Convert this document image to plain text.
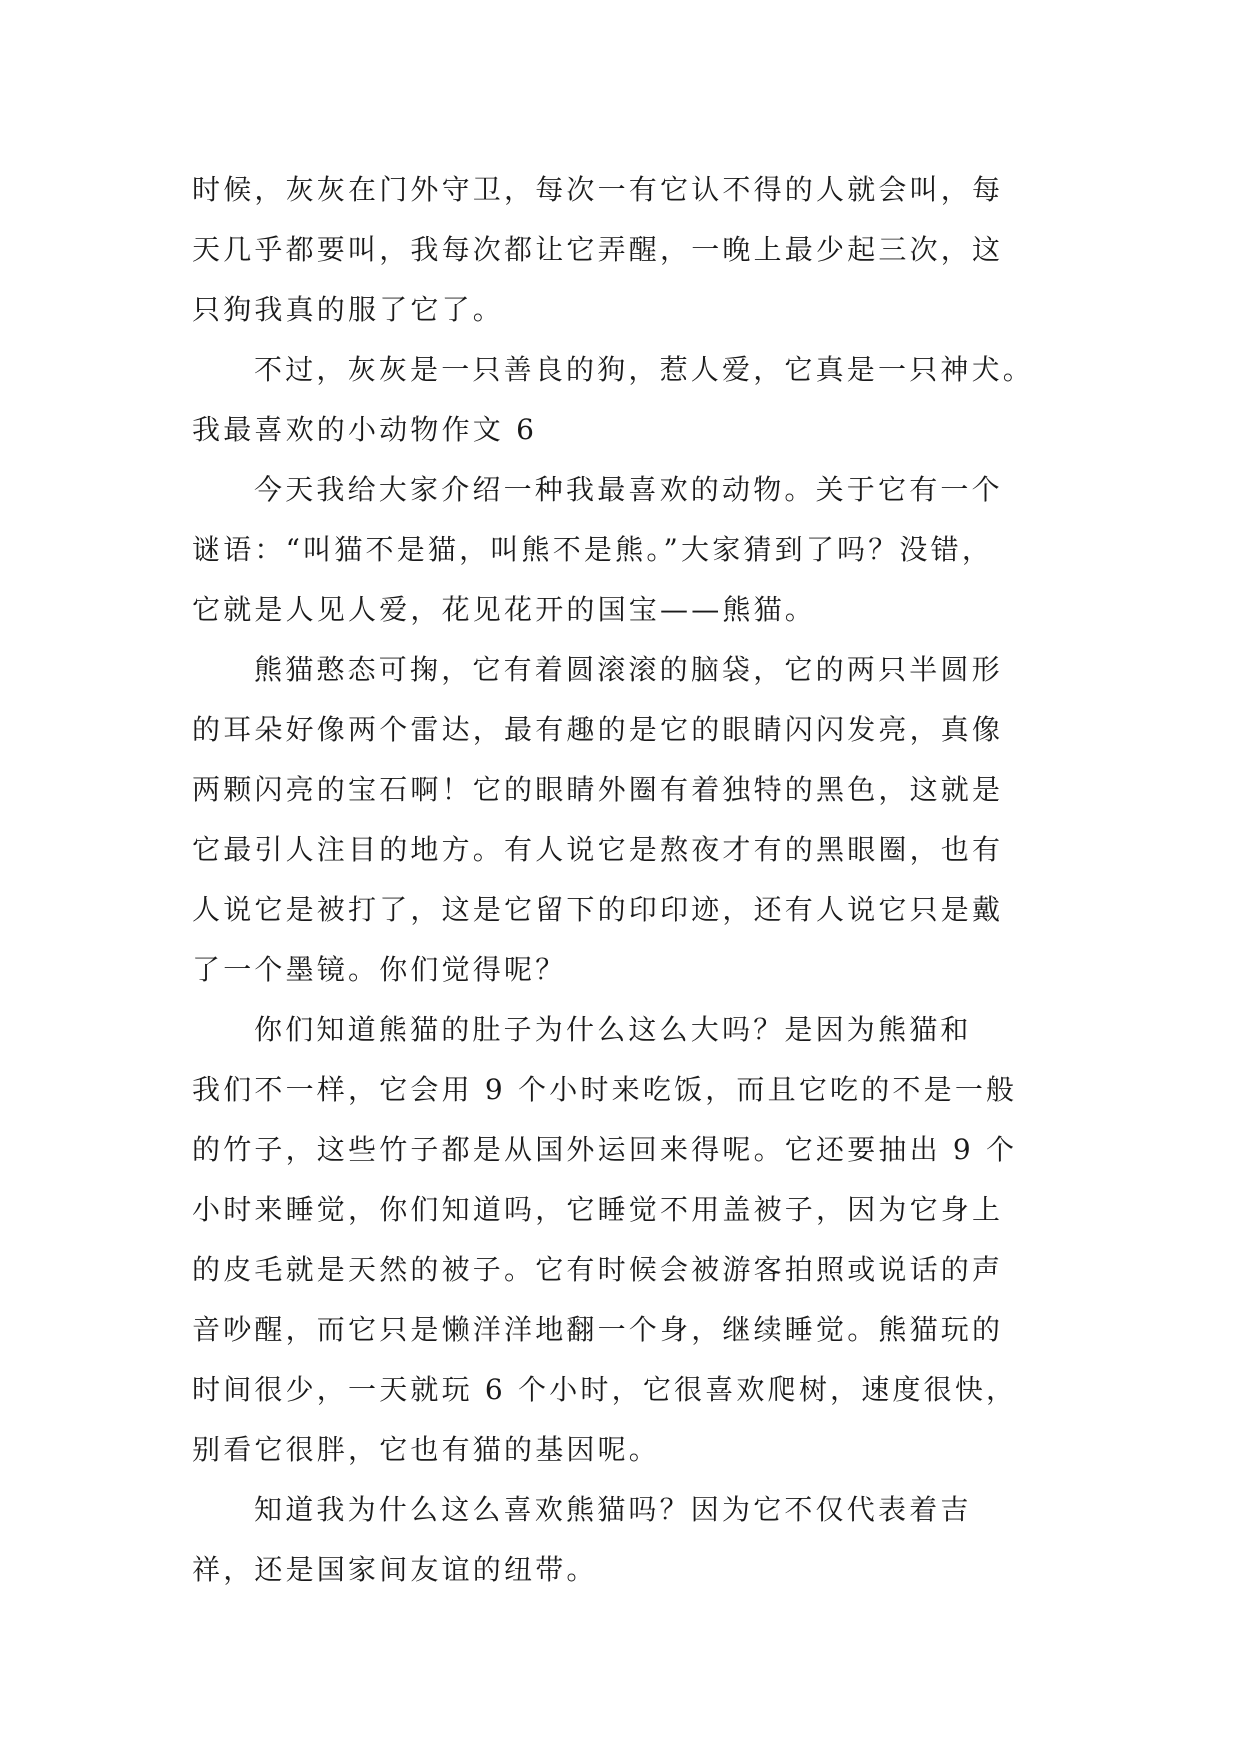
时候，灰灰在门外守卫，每次一有它认不得的人就会叫，每
天几乎都要叫，我每次都让它弄醒，一晚上最少起三次，这
只狗我真的服了它了。
不过，灰灰是一只善良的狗，惹人爱，它真是一只神犬。
我最喜欢的小动物作文 6
今天我给大家介绍一种我最喜欢的动物。关于它有一个
谜语：“叫猫不是猫，叫熊不是熊。”大家猜到了吗？没错，
它就是人见人爱，花见花开的国宝——熊猫。
熊猫憨态可掬，它有着圆滚滚的脑袋，它的两只半圆形
的耳朵好像两个雷达，最有趣的是它的眼睛闪闪发亮，真像
两颗闪亮的宝石啊！它的眼睛外圈有着独特的黑色，这就是
它最引人注目的地方。有人说它是熬夜才有的黑眼圈，也有
人说它是被打了，这是它留下的印印迹，还有人说它只是戴
了一个墨镜。你们觉得呢？
你们知道熊猫的肚子为什么这么大吗？是因为熊猫和
我们不一样，它会用 9 个小时来吃饭，而且它吃的不是一般
的竹子，这些竹子都是从国外运回来得呢。它还要抽出 9 个
小时来睡觉，你们知道吗，它睡觉不用盖被子，因为它身上
的皮毛就是天然的被子。它有时候会被游客拍照或说话的声
音吵醒，而它只是懒洋洋地翻一个身，继续睡觉。熊猫玩的
时间很少，一天就玩 6 个小时，它很喜欢爬树，速度很快，
别看它很胖，它也有猫的基因呢。
知道我为什么这么喜欢熊猫吗？因为它不仅代表着吉
祥，还是国家间友谊的纽带。
